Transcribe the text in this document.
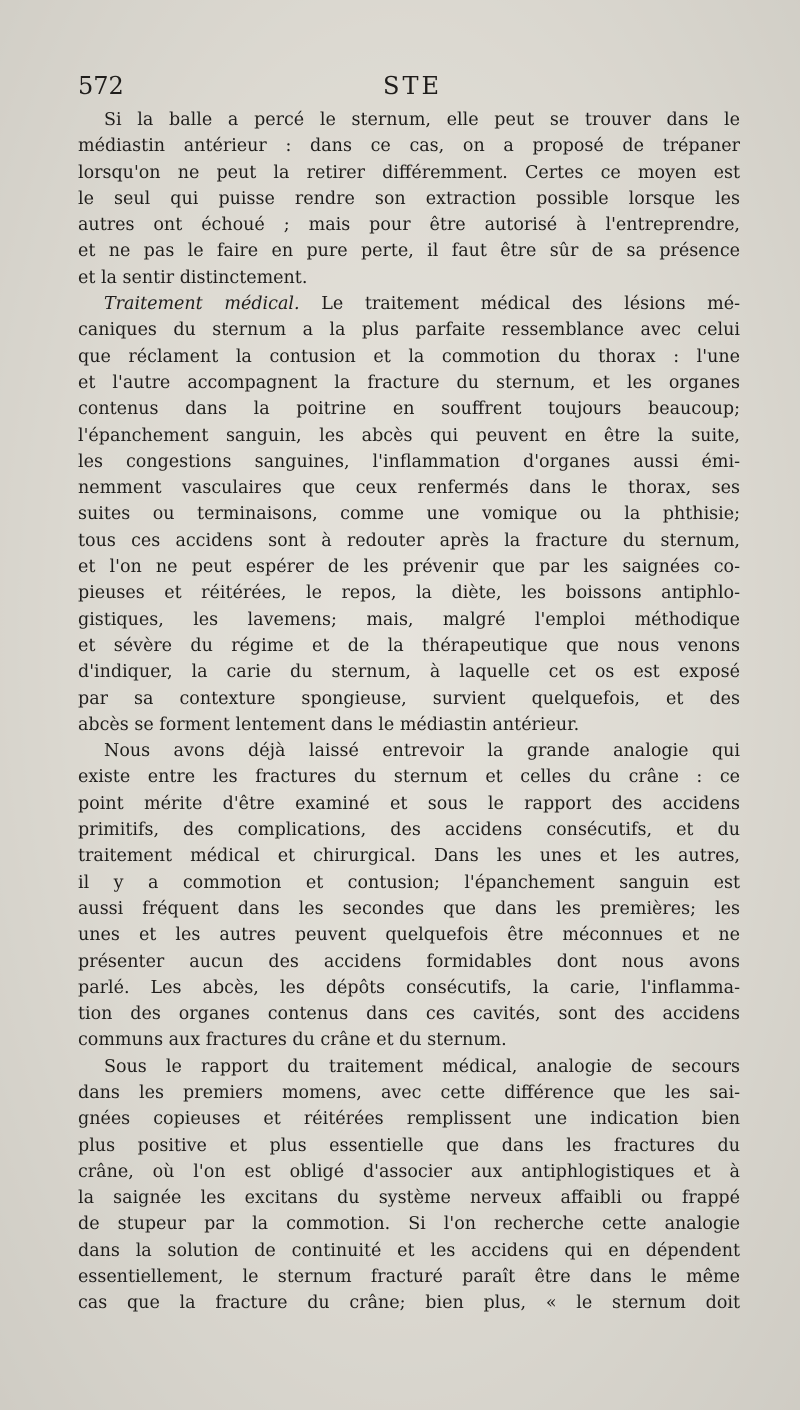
572	STE
Si la balle a percé le sternum, elle peut se trouver dans le
médiastin antérieur : dans ce cas, on a proposé de trépaner
lorsqu'on ne peut la retirer différemment. Certes ce moyen est
le seul qui puisse rendre son extraction possible lorsque les
autres ont échoué ; mais pour être autorisé à l'entreprendre,
et ne pas le faire en pure perte, il faut être sûr de sa présence
et la sentir distinctement.
Traitement médical. Le traitement médical des lésions mé-
caniques du sternum a la plus parfaite ressemblance avec celui
que réclament la contusion et la commotion du thorax : l'une
et l'autre accompagnent la fracture du sternum, et les organes
contenus dans la poitrine en souffrent toujours beaucoup;
l'épanchement sanguin, les abcès qui peuvent en être la suite,
les congestions sanguines, l'inflammation d'organes aussi émi-
nemment vasculaires que ceux renfermés dans le thorax, ses
suites ou terminaisons, comme une vomique ou la phthisie;
tous ces accidens sont à redouter après la fracture du sternum,
et l'on ne peut espérer de les prévenir que par les saignées co-
pieuses et réitérées, le repos, la diète, les boissons antiphlo-
gistiques, les lavemens; mais, malgré l'emploi méthodique
et sévère du régime et de la thérapeutique que nous venons
d'indiquer, la carie du sternum, à laquelle cet os est exposé
par sa contexture spongieuse, survient quelquefois, et des
abcès se forment lentement dans le médiastin antérieur.
Nous avons déjà laissé entrevoir la grande analogie qui
existe entre les fractures du sternum et celles du crâne : ce
point mérite d'être examiné et sous le rapport des accidens
primitifs, des complications, des accidens consécutifs, et du
traitement médical et chirurgical. Dans les unes et les autres,
il y a commotion et contusion; l'épanchement sanguin est
aussi fréquent dans les secondes que dans les premières; les
unes et les autres peuvent quelquefois être méconnues et ne
présenter aucun des accidens formidables dont nous avons
parlé. Les abcès, les dépôts consécutifs, la carie, l'inflamma-
tion des organes contenus dans ces cavités, sont des accidens
communs aux fractures du crâne et du sternum.
Sous le rapport du traitement médical, analogie de secours
dans les premiers momens, avec cette différence que les sai-
gnées copieuses et réitérées remplissent une indication bien
plus positive et plus essentielle que dans les fractures du
crâne, où l'on est obligé d'associer aux antiphlogistiques et à
la saignée les excitans du système nerveux affaibli ou frappé
de stupeur par la commotion. Si l'on recherche cette analogie
dans la solution de continuité et les accidens qui en dépendent
essentiellement, le sternum fracturé paraît être dans le même
cas que la fracture du crâne; bien plus, « le sternum doit
